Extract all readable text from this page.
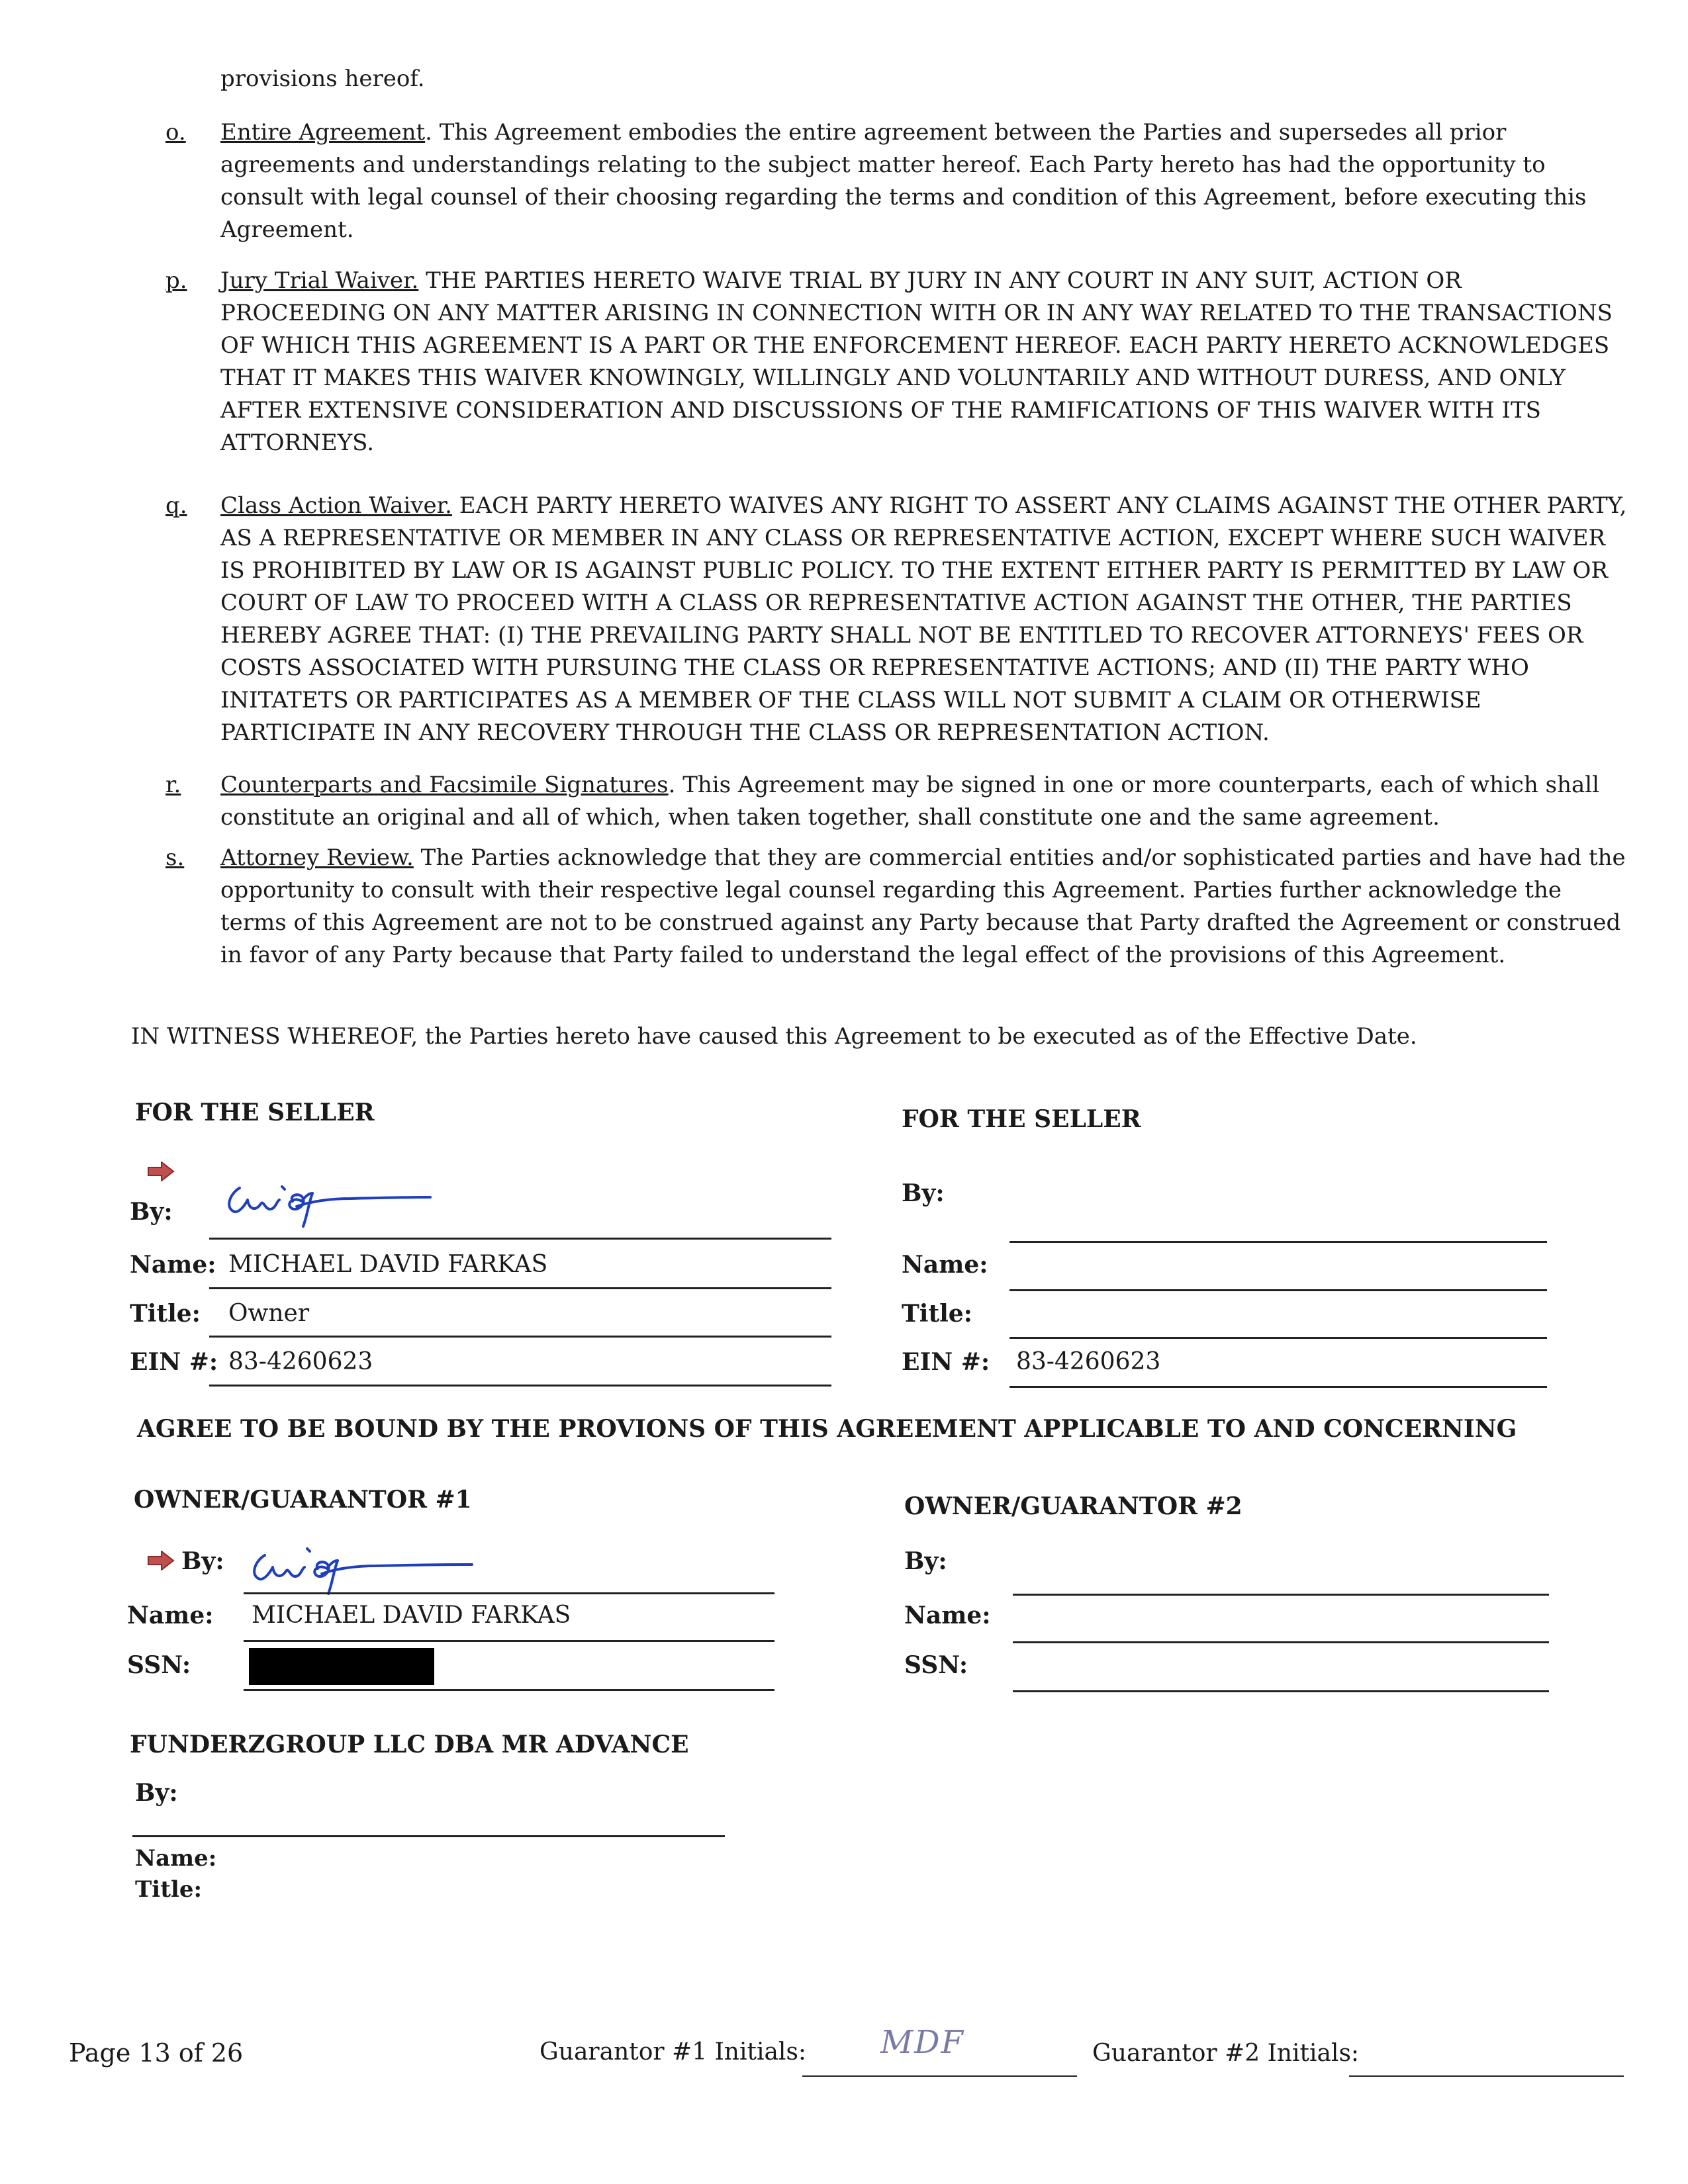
provisions hereof.
o. Entire Agreement. This Agreement embodies the entire agreement between the Parties and supersedes all prior agreements and understandings relating to the subject matter hereof. Each Party hereto has had the opportunity to consult with legal counsel of their choosing regarding the terms and condition of this Agreement, before executing this Agreement.
p. Jury Trial Waiver. THE PARTIES HERETO WAIVE TRIAL BY JURY IN ANY COURT IN ANY SUIT, ACTION OR PROCEEDING ON ANY MATTER ARISING IN CONNECTION WITH OR IN ANY WAY RELATED TO THE TRANSACTIONS OF WHICH THIS AGREEMENT IS A PART OR THE ENFORCEMENT HEREOF. EACH PARTY HERETO ACKNOWLEDGES THAT IT MAKES THIS WAIVER KNOWINGLY, WILLINGLY AND VOLUNTARILY AND WITHOUT DURESS, AND ONLY AFTER EXTENSIVE CONSIDERATION AND DISCUSSIONS OF THE RAMIFICATIONS OF THIS WAIVER WITH ITS ATTORNEYS.
q. Class Action Waiver. EACH PARTY HERETO WAIVES ANY RIGHT TO ASSERT ANY CLAIMS AGAINST THE OTHER PARTY, AS A REPRESENTATIVE OR MEMBER IN ANY CLASS OR REPRESENTATIVE ACTION, EXCEPT WHERE SUCH WAIVER IS PROHIBITED BY LAW OR IS AGAINST PUBLIC POLICY. TO THE EXTENT EITHER PARTY IS PERMITTED BY LAW OR COURT OF LAW TO PROCEED WITH A CLASS OR REPRESENTATIVE ACTION AGAINST THE OTHER, THE PARTIES HEREBY AGREE THAT: (I) THE PREVAILING PARTY SHALL NOT BE ENTITLED TO RECOVER ATTORNEYS' FEES OR COSTS ASSOCIATED WITH PURSUING THE CLASS OR REPRESENTATIVE ACTIONS; AND (II) THE PARTY WHO INITATETS OR PARTICIPATES AS A MEMBER OF THE CLASS WILL NOT SUBMIT A CLAIM OR OTHERWISE PARTICIPATE IN ANY RECOVERY THROUGH THE CLASS OR REPRESENTATION ACTION.
r. Counterparts and Facsimile Signatures. This Agreement may be signed in one or more counterparts, each of which shall constitute an original and all of which, when taken together, shall constitute one and the same agreement.
s. Attorney Review. The Parties acknowledge that they are commercial entities and/or sophisticated parties and have had the opportunity to consult with their respective legal counsel regarding this Agreement. Parties further acknowledge the terms of this Agreement are not to be construed against any Party because that Party drafted the Agreement or construed in favor of any Party because that Party failed to understand the legal effect of the provisions of this Agreement.
IN WITNESS WHEREOF, the Parties hereto have caused this Agreement to be executed as of the Effective Date.
FOR THE SELLER
By:
Name: MICHAEL DAVID FARKAS
Title: Owner
EIN #: 83-4260623
FOR THE SELLER
By:
Name:
Title:
EIN #: 83-4260623
AGREE TO BE BOUND BY THE PROVIONS OF THIS AGREEMENT APPLICABLE TO AND CONCERNING
OWNER/GUARANTOR #1
By:
Name: MICHAEL DAVID FARKAS
SSN:
OWNER/GUARANTOR #2
By:
Name:
SSN:
FUNDERZGROUP LLC DBA MR ADVANCE
By:
Name:
Title:
Page 13 of 26	Guarantor #1 Initials: MDF	Guarantor #2 Initials:
